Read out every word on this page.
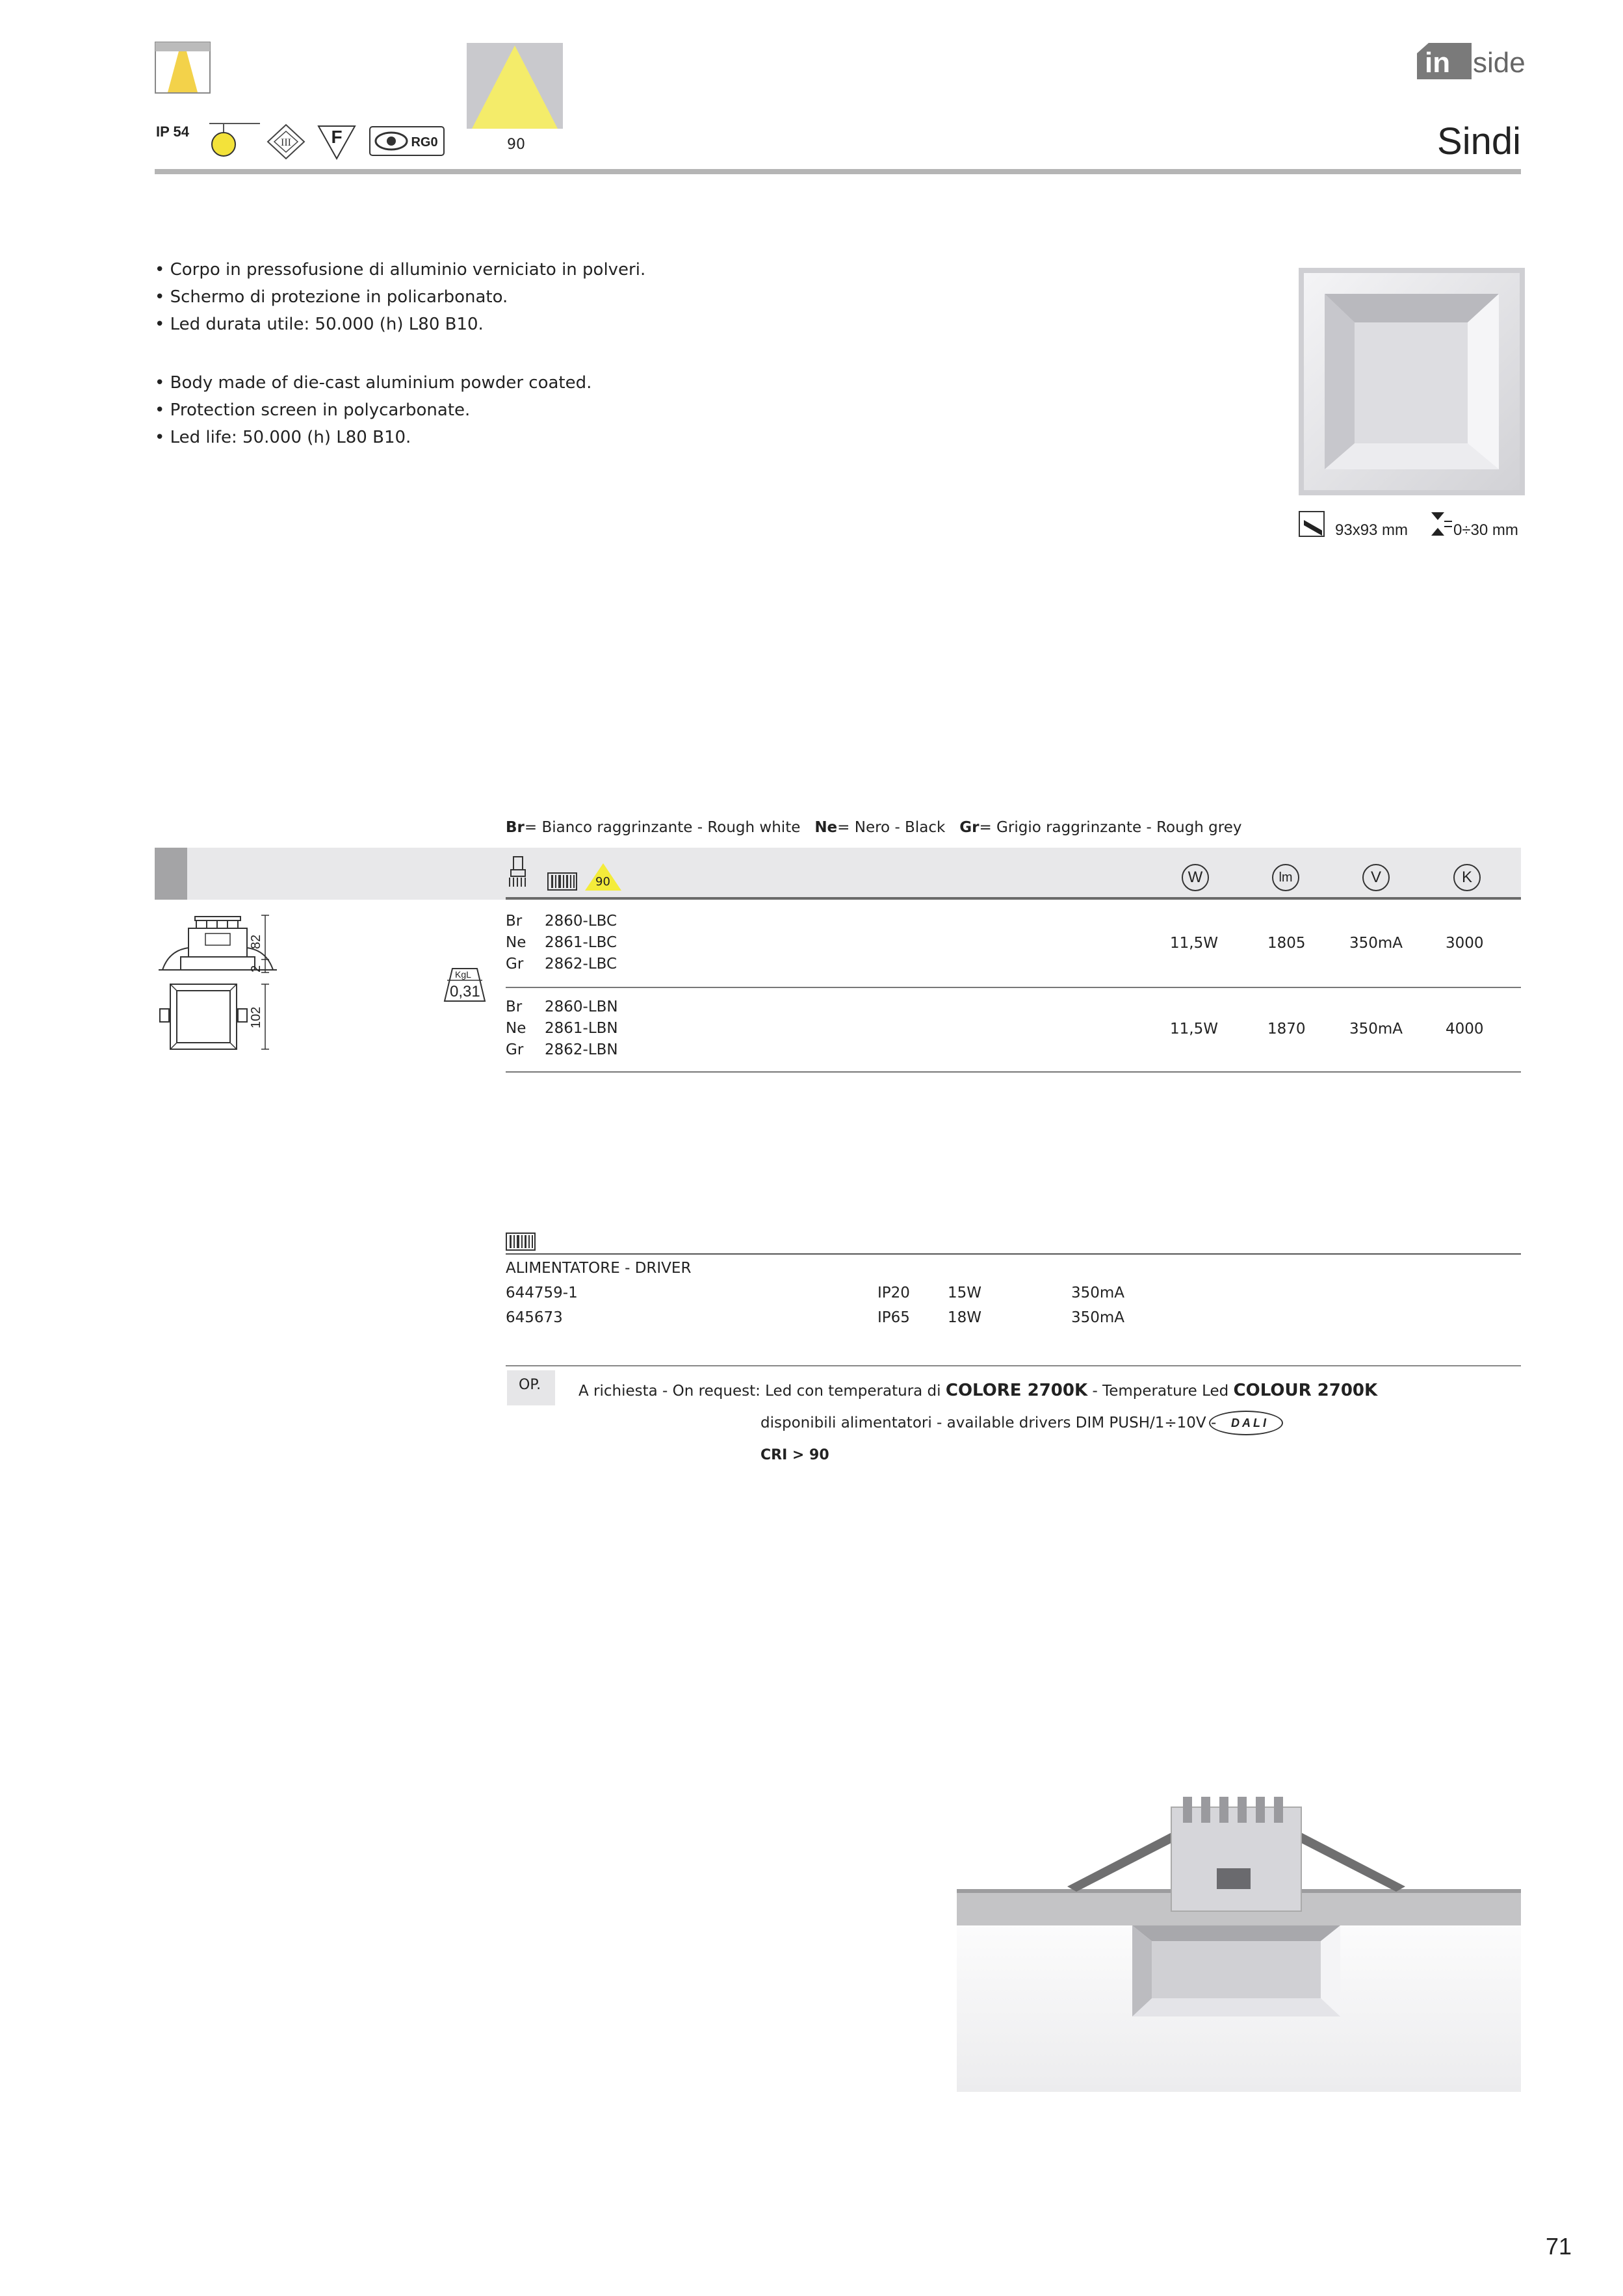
IP 54
III F	RG0	90
in side
Sindi
• Corpo in pressofusione di alluminio verniciato in polveri.
• Schermo di protezione in policarbonato.
• Led durata utile: 50.000 (h) L80 B10.
• Body made of die-cast aluminium powder coated.
• Protection screen in polycarbonate.
• Led life: 50.000 (h) L80 B10.
93x93 mm	0÷30 mm
Br= Bianco raggrinzante - Rough white Ne= Nero - Black Gr= Grigio raggrinzante - Rough grey
90	W	lm	V	K
Br 2860-LBC
Ne 2861-LBC
Gr 2862-LBC
11,5W	1805	350mA	3000
Br 2860-LBN
Ne 2861-LBN
Gr 2862-LBN
11,5W	1870	350mA	4000
82
2
102
KgL
0,31
ALIMENTATORE - DRIVER
644759-1	IP20	15W	350mA
645673	IP65	18W	350mA
OP.	A richiesta - On request: Led con temperatura di COLORE 2700K - Temperature Led COLOUR 2700K
disponibili alimentatori - available drivers DIM PUSH/1÷10V - DALI
CRI > 90
71
